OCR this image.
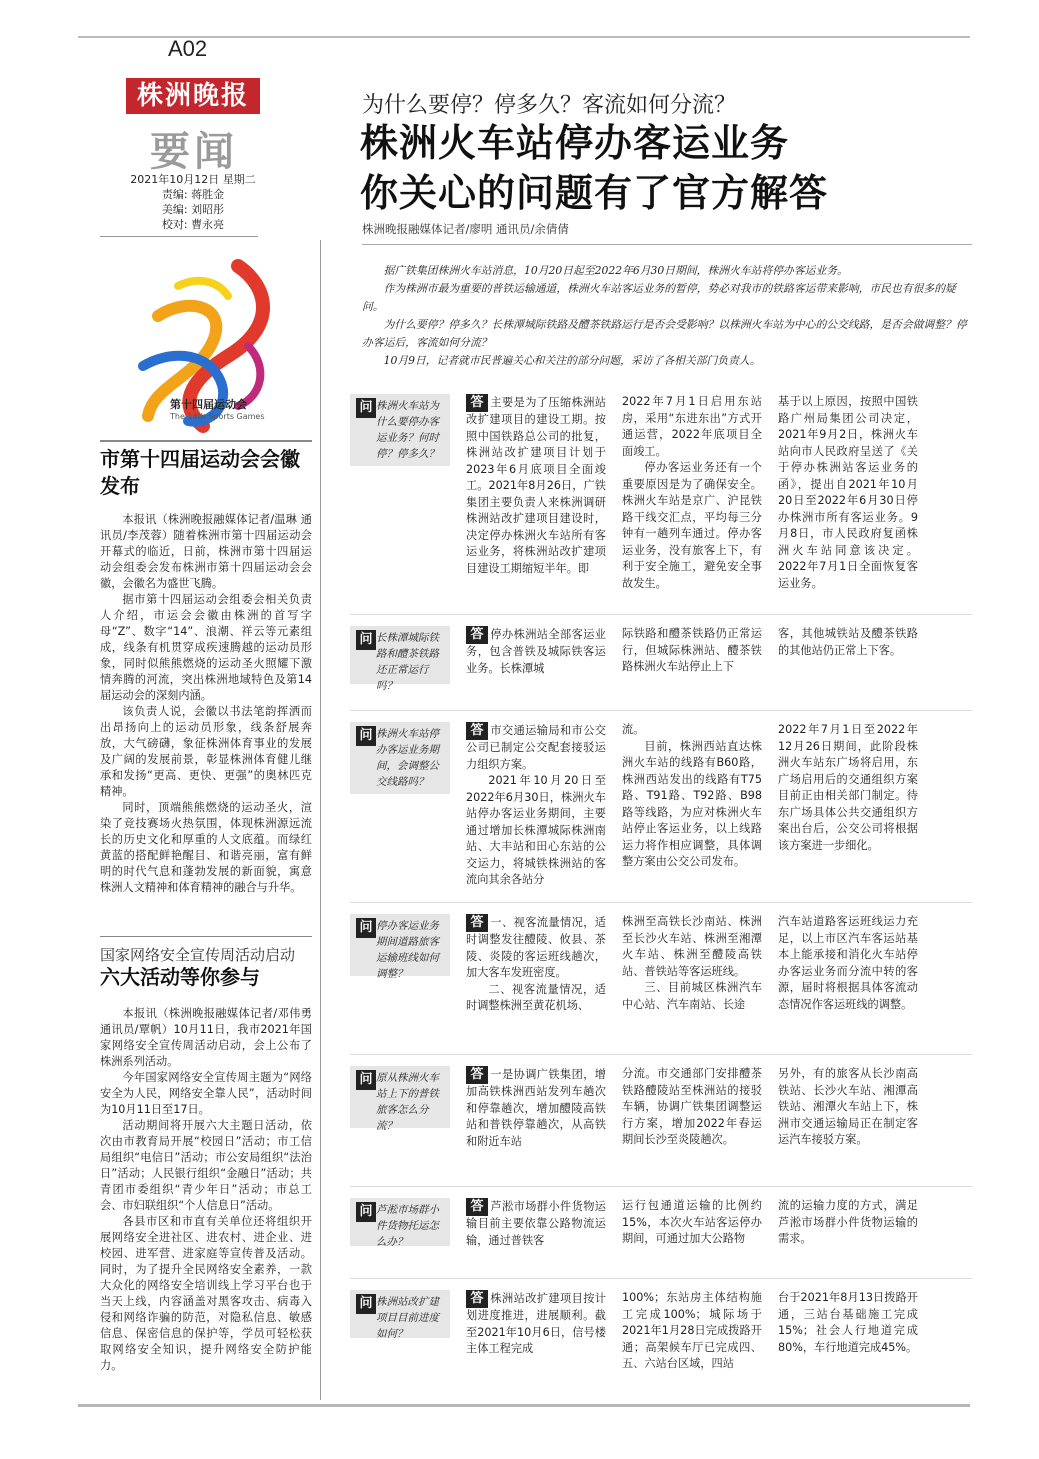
A02
株洲晚报
要闻
2021年10月12日 星期二
责编: 蒋胜金
美编: 刘昭彤
校对: 曹永亮
第十四届运动会
The 14th Sports Games
市第十四届运动会会徽发布

本报讯（株洲晚报融媒体记者/温琳 通讯员/李茂蓉）随着株洲市第十四届运动会开幕式的临近，日前，株洲市第十四届运动会组委会发布株洲市第十四届运动会会徽，会徽名为盛世飞腾。

据市第十四届运动会组委会相关负责人介绍，市运会会徽由株洲的首写字母“Z”、数字“14”、浪潮、祥云等元素组成，线条有机贯穿成疾速腾越的运动员形象，同时似熊熊燃烧的运动圣火照耀下激情奔腾的河流，突出株洲地域特色及第14届运动会的深刻内涵。

该负责人说，会徽以书法笔韵挥洒而出昂扬向上的运动员形象，线条舒展奔放，大气磅礴，象征株洲体育事业的发展及广阔的发展前景，彰显株洲体育健儿继承和发扬“更高、更快、更强”的奥林匹克精神。

同时，顶端熊熊燃烧的运动圣火，渲染了竞技赛场火热氛围，体现株洲源远流长的历史文化和厚重的人文底蕴。而绿红黄蓝的搭配鲜艳醒目、和谐亮丽，富有鲜明的时代气息和蓬勃发展的新面貌，寓意株洲人文精神和体育精神的融合与升华。

国家网络安全宣传周活动启动
六大活动等你参与

本报讯（株洲晚报融媒体记者/邓伟勇 通讯员/覃帆）10月11日，我市2021年国家网络安全宣传周活动启动，会上公布了株洲系列活动。

今年国家网络安全宣传周主题为“网络安全为人民，网络安全靠人民”，活动时间为10月11日至17日。

活动期间将开展六大主题日活动，依次由市教育局开展“校园日”活动；市工信局组织“电信日”活动；市公安局组织“法治日”活动；人民银行组织“金融日”活动；共青团市委组织“青少年日”活动；市总工会、市妇联组织“个人信息日”活动。

各县市区和市直有关单位还将组织开展网络安全进社区、进农村、进企业、进校园、进军营、进家庭等宣传普及活动。同时，为了提升全民网络安全素养，一款大众化的网络安全培训线上学习平台也于当天上线，内容涵盖对黑客攻击、病毒入侵和网络诈骗的防范，对隐私信息、敏感信息、保密信息的保护等，学员可轻松获取网络安全知识，提升网络安全防护能力。

为什么要停？停多久？客流如何分流？
株洲火车站停办客运业务
你关心的问题有了官方解答
株洲晚报融媒体记者/廖明 通讯员/余倩倩

据广铁集团株洲火车站消息，10月20日起至2022年6月30日期间，株洲火车站将停办客运业务。

作为株洲市最为重要的普铁运输通道，株洲火车站客运业务的暂停，势必对我市的铁路客运带来影响，市民也有很多的疑问。

为什么要停？停多久？长株潭城际铁路及醴茶铁路运行是否会受影响？以株洲火车站为中心的公交线路，是否会做调整？停办客运后，客流如何分流？

10月9日，记者就市民普遍关心和关注的部分问题，采访了各相关部门负责人。

问 株洲火车站为什么要停办客运业务？何时停？停多久？

答 主要是为了压缩株洲站改扩建项目的建设工期。按照中国铁路总公司的批复，株洲站改扩建项目计划于2023年6月底项目全面竣工。2021年8月26日，广铁集团主要负责人来株洲调研株洲站改扩建项目建设时，决定停办株洲火车站所有客运业务，将株洲站改扩建项目建设工期缩短半年。即

2022年7月1日启用东站房，采用“东进东出”方式开通运营，2022年底项目全面竣工。

停办客运业务还有一个重要原因是为了确保安全。株洲火车站是京广、沪昆铁路干线交汇点，平均每三分钟有一趟列车通过。停办客运业务，没有旅客上下，有利于安全施工，避免安全事故发生。

基于以上原因，按照中国铁路广州局集团公司决定，2021年9月2日，株洲火车站向市人民政府呈送了《关于停办株洲站客运业务的函》，提出自2021年10月20日至2022年6月30日停办株洲市所有客运业务。9月8日，市人民政府复函株洲火车站同意该决定。2022年7月1日全面恢复客运业务。

问 长株潭城际铁路和醴茶铁路还正常运行吗？

答 停办株洲站全部客运业务，包含普铁及城际铁客运业务。长株潭城

际铁路和醴茶铁路仍正常运行，但城际株洲站、醴茶铁路株洲火车站停止上下

客，其他城铁站及醴茶铁路的其他站仍正常上下客。

问 株洲火车站停办客运业务期间，会调整公交线路吗？

答 市交通运输局和市公交公司已制定公交配套接驳运力组织方案。

2021年10月20日至2022年6月30日，株洲火车站停办客运业务期间，主要通过增加长株潭城际株洲南站、大丰站和田心东站的公交运力，将城铁株洲站的客流向其余各站分

流。

目前，株洲西站直达株洲火车站的线路有B60路，株洲西站发出的线路有T75路、T91路、T92路、B98路等线路，为应对株洲火车站停止客运业务，以上线路运力将作相应调整，具体调整方案由公交公司发布。

2022年7月1日至2022年12月26日期间，此阶段株洲火车站东广场将启用，东广场启用后的交通组织方案目前正由相关部门制定。待东广场具体公共交通组织方案出台后，公交公司将根据该方案进一步细化。

问 停办客运业务期间道路旅客运输班线如何调整？

答 一、视客流量情况，适时调整发往醴陵、攸县、茶陵、炎陵的客运班线趟次，加大客车发班密度。

二、视客流量情况，适时调整株洲至黄花机场、

株洲至高铁长沙南站、株洲至长沙火车站、株洲至湘潭火车站、株洲至醴陵高铁站、普铁站等客运班线。

三、目前城区株洲汽车中心站、汽车南站、长途

汽车站道路客运班线运力充足，以上市区汽车客运站基本上能承接和消化火车站停办客运业务而分流中转的客源，届时将根据具体客流动态情况作客运班线的调整。

问 原从株洲火车站上下的普铁旅客怎么分流？

答 一是协调广铁集团，增加高铁株洲西站发列车趟次和停靠趟次，增加醴陵高铁站和普铁停靠趟次，从高铁和附近车站

分流。市交通部门安排醴茶铁路醴陵站至株洲站的接驳车辆，协调广铁集团调整运行方案，增加2022年春运期间长沙至炎陵趟次。

另外，有的旅客从长沙南高铁站、长沙火车站、湘潭高铁站、湘潭火车站上下，株洲市交通运输局正在制定客运汽车接驳方案。

问 芦淞市场群小件货物托运怎么办？

答 芦淞市场群小件货物运输目前主要依靠公路物流运输，通过普铁客

运行包通道运输的比例约15%，本次火车站客运停办期间，可通过加大公路物

流的运输力度的方式，满足芦淞市场群小件货物运输的需求。

问 株洲站改扩建项目目前进度如何？

答 株洲站改扩建项目按计划进度推进，进展顺利。截至2021年10月6日，信号楼主体工程完成

100%；东站房主体结构施工完成100%；城际场于2021年1月28日完成拨路开通；高架候车厅已完成四、五、六站台区域，四站

台于2021年8月13日拨路开通，三站台基础施工完成15%；社会人行地道完成80%，车行地道完成45%。
